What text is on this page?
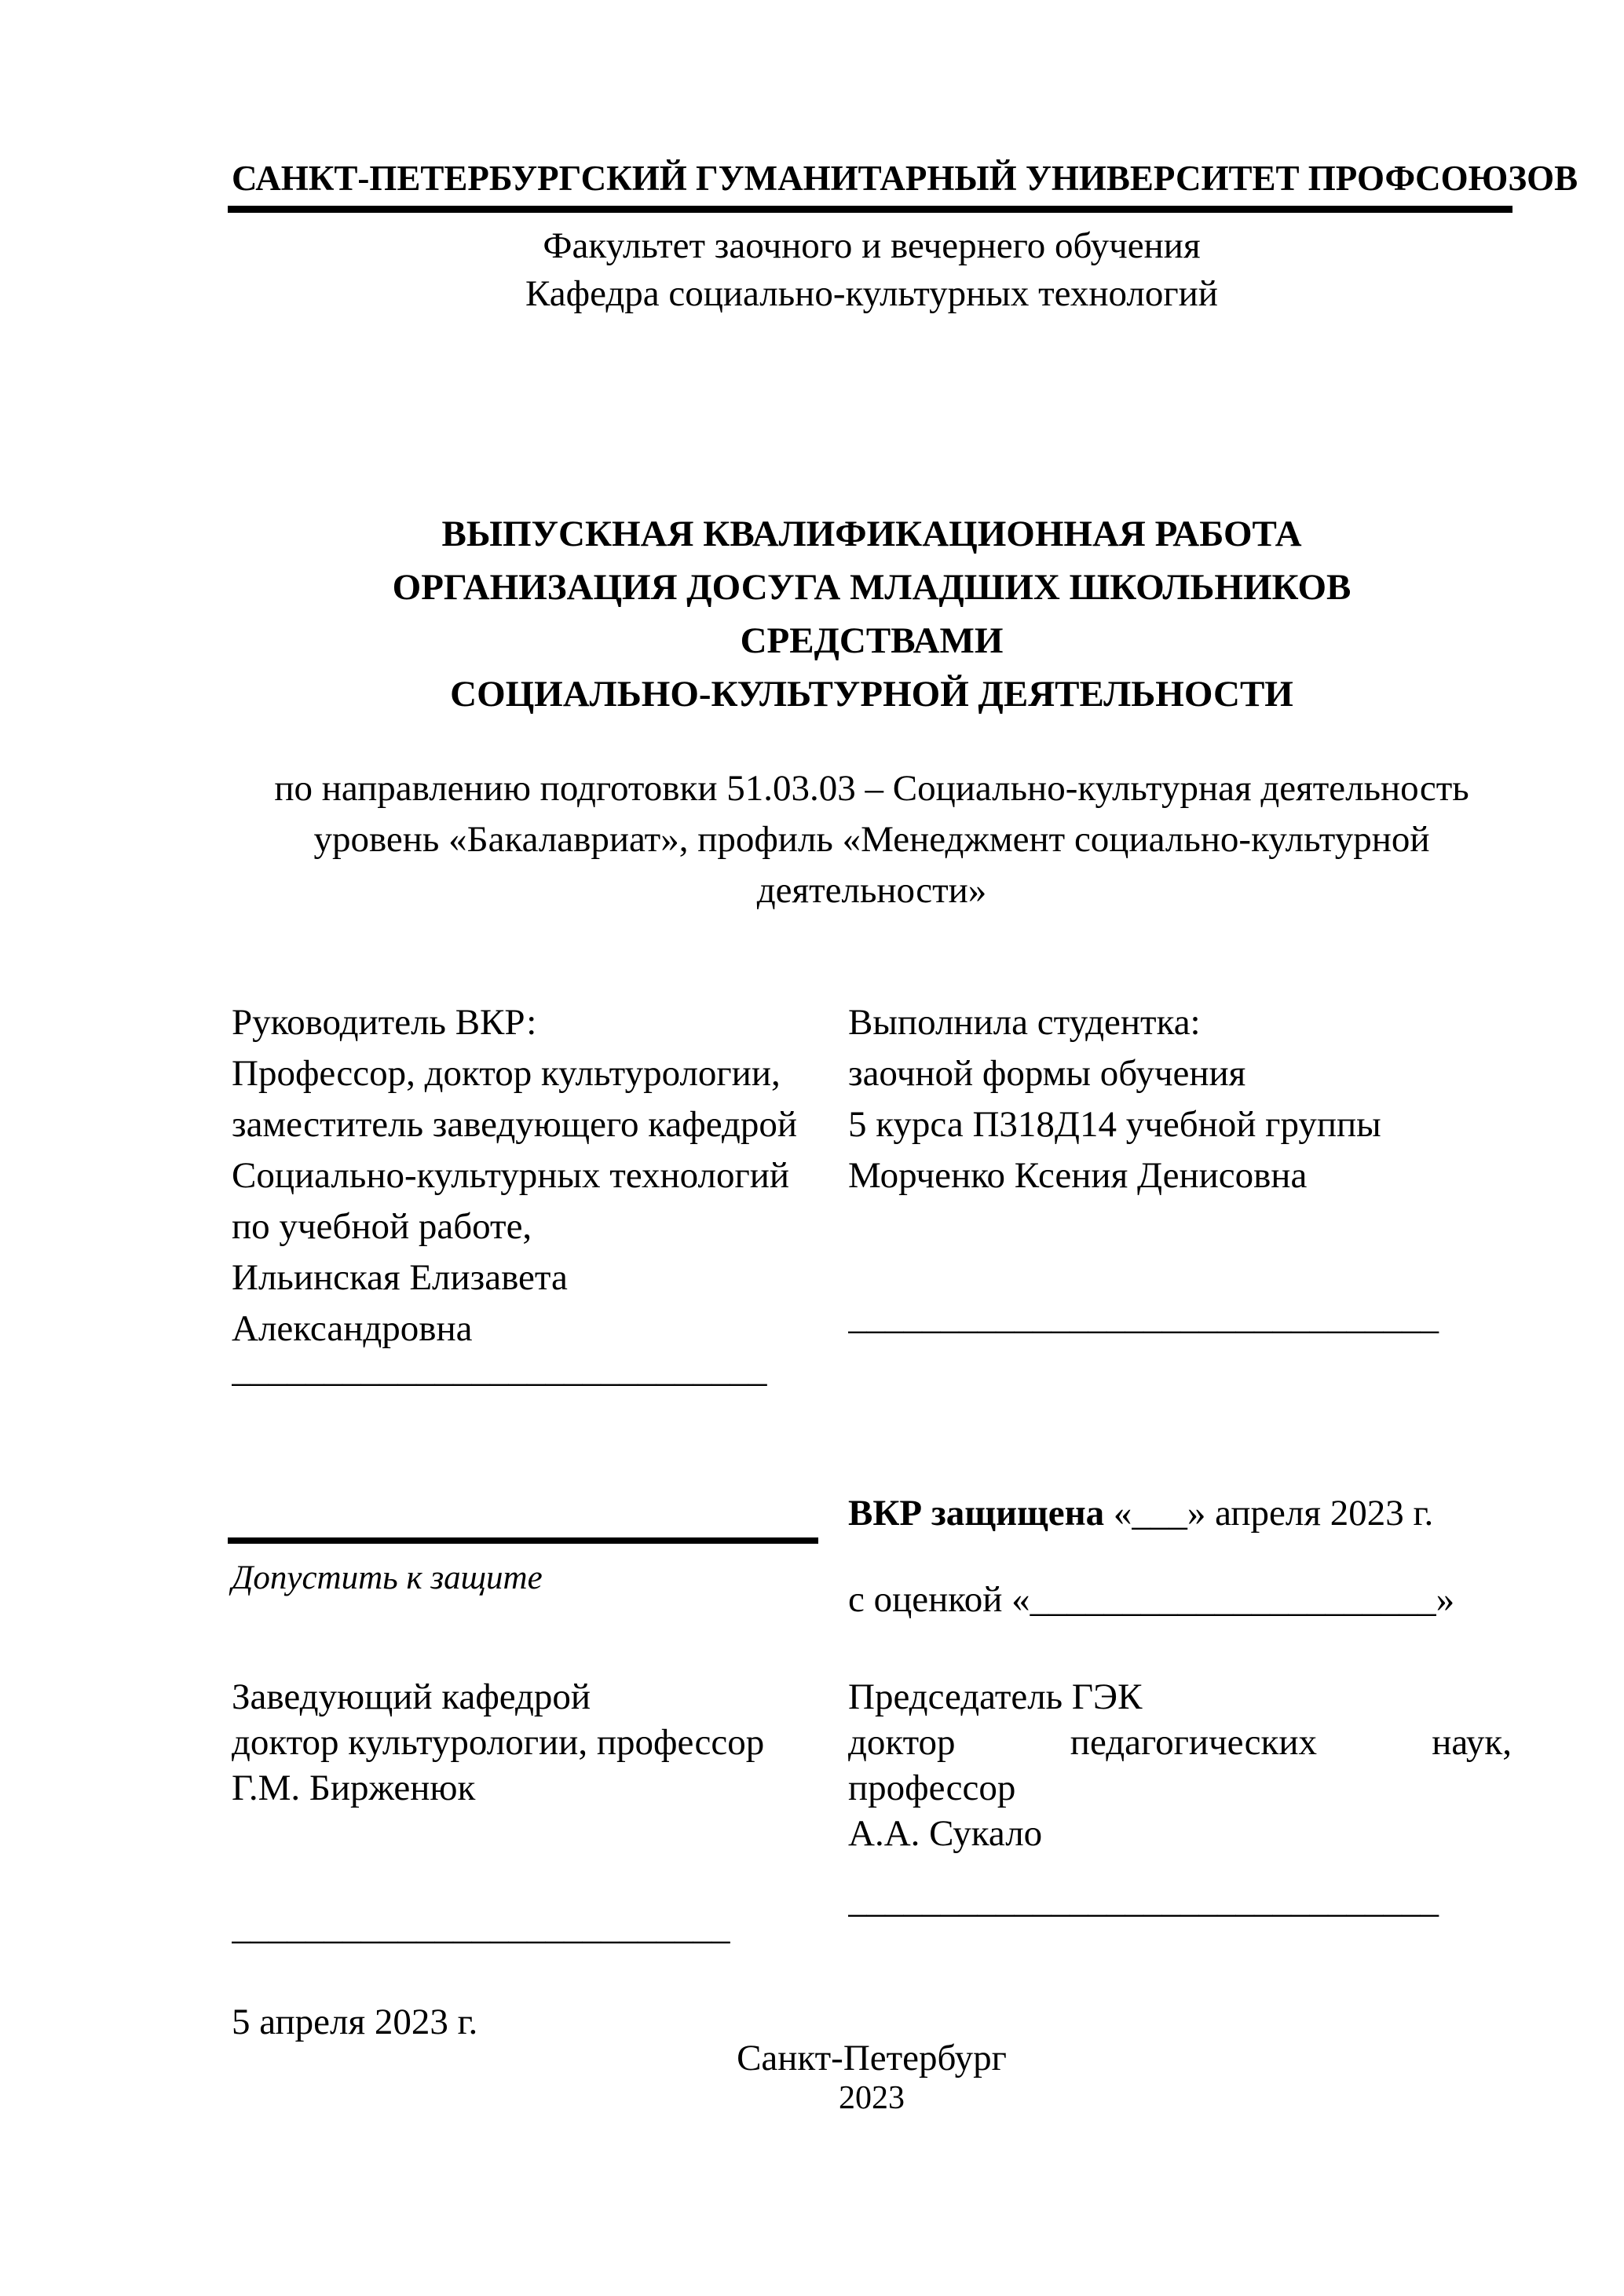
САНКТ-ПЕТЕРБУРГСКИЙ ГУМАНИТАРНЫЙ УНИВЕРСИТЕТ ПРОФСОЮЗОВ
Факультет заочного и вечернего обучения
Кафедра социально-культурных технологий
ВЫПУСКНАЯ КВАЛИФИКАЦИОННАЯ РАБОТА
ОРГАНИЗАЦИЯ ДОСУГА МЛАДШИХ ШКОЛЬНИКОВ
СРЕДСТВАМИ
СОЦИАЛЬНО-КУЛЬТУРНОЙ ДЕЯТЕЛЬНОСТИ
по направлению подготовки 51.03.03 – Социально-культурная деятельность
уровень «Бакалавриат», профиль «Менеджмент социально-культурной
деятельности»
Руководитель ВКР:
Профессор, доктор культурологии,
заместитель заведующего кафедрой
Социально-культурных технологий
по учебной работе,
Ильинская Елизавета
Александровна
_____________________________
Выполнила студентка:
заочной формы обучения
5 курса П318Д14 учебной группы
Морченко Ксения Денисовна
________________________________
ВКР защищена «___» апреля 2023 г.
Допустить к защите
с оценкой «______________________»
Заведующий кафедрой
доктор культурологии, профессор
Г.М. Бирженюк
Председатель ГЭК
доктор	педагогических	наук,
профессор
А.А. Сукало
________________________________
___________________________
5 апреля 2023 г.
Санкт-Петербург
2023
